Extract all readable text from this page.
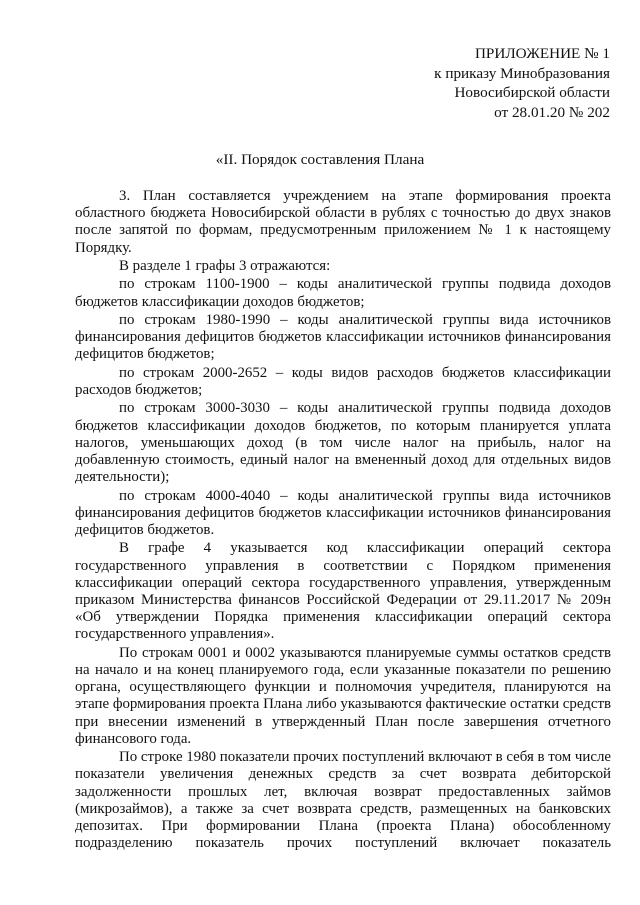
ПРИЛОЖЕНИЕ № 1
к приказу Минобразования
Новосибирской области
от 28.01.20 № 202
«II. Порядок составления Плана

3. План составляется учреждением на этапе формирования проекта областного бюджета Новосибирской области в рублях с точностью до двух знаков после запятой по формам, предусмотренным приложением № 1 к настоящему Порядку.

В разделе 1 графы 3 отражаются:

по строкам 1100-1900 – коды аналитической группы подвида доходов бюджетов классификации доходов бюджетов;

по строкам 1980-1990 – коды аналитической группы вида источников финансирования дефицитов бюджетов классификации источников финансирования дефицитов бюджетов;

по строкам 2000-2652 – коды видов расходов бюджетов классификации расходов бюджетов;

по строкам 3000-3030 – коды аналитической группы подвида доходов бюджетов классификации доходов бюджетов, по которым планируется уплата налогов, уменьшающих доход (в том числе налог на прибыль, налог на добавленную стоимость, единый налог на вмененный доход для отдельных видов деятельности);

по строкам 4000-4040 – коды аналитической группы вида источников финансирования дефицитов бюджетов классификации источников финансирования дефицитов бюджетов.

В графе 4 указывается код классификации операций сектора государственного управления в соответствии с Порядком применения классификации операций сектора государственного управления, утвержденным приказом Министерства финансов Российской Федерации от 29.11.2017 № 209н «Об утверждении Порядка применения классификации операций сектора государственного управления».

По строкам 0001 и 0002 указываются планируемые суммы остатков средств на начало и на конец планируемого года, если указанные показатели по решению органа, осуществляющего функции и полномочия учредителя, планируются на этапе формирования проекта Плана либо указываются фактические остатки средств при внесении изменений в утвержденный План после завершения отчетного финансового года.

По строке 1980 показатели прочих поступлений включают в себя в том числе показатели увеличения денежных средств за счет возврата дебиторской задолженности прошлых лет, включая возврат предоставленных займов (микрозаймов), а также за счет возврата средств, размещенных на банковских депозитах. При формировании Плана (проекта Плана) обособленному подразделению показатель прочих поступлений включает показатель
